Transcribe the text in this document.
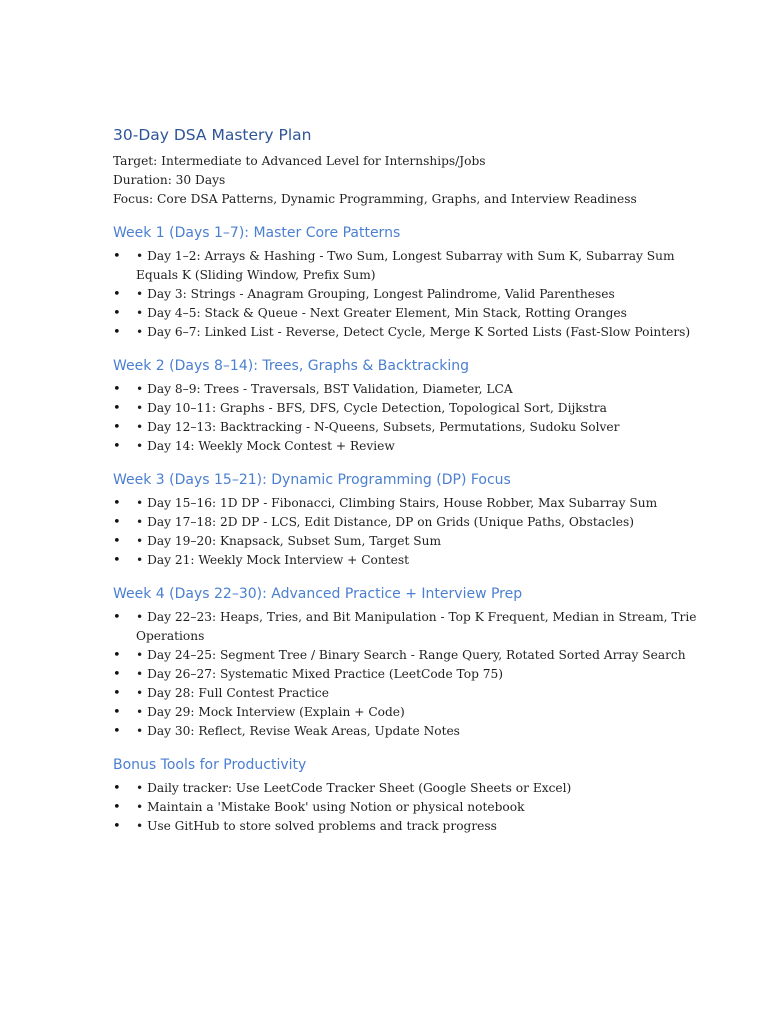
30-Day DSA Mastery Plan

Target: Intermediate to Advanced Level for Internships/Jobs

Duration: 30 Days

Focus: Core DSA Patterns, Dynamic Programming, Graphs, and Interview Readiness

Week 1 (Days 1–7): Master Core Patterns
• • Day 1–2: Arrays & Hashing - Two Sum, Longest Subarray with Sum K, Subarray Sum Equals K (Sliding Window, Prefix Sum)
• • Day 3: Strings - Anagram Grouping, Longest Palindrome, Valid Parentheses
• • Day 4–5: Stack & Queue - Next Greater Element, Min Stack, Rotting Oranges
• • Day 6–7: Linked List - Reverse, Detect Cycle, Merge K Sorted Lists (Fast-Slow Pointers)
Week 2 (Days 8–14): Trees, Graphs & Backtracking
• • Day 8–9: Trees - Traversals, BST Validation, Diameter, LCA
• • Day 10–11: Graphs - BFS, DFS, Cycle Detection, Topological Sort, Dijkstra
• • Day 12–13: Backtracking - N-Queens, Subsets, Permutations, Sudoku Solver
• • Day 14: Weekly Mock Contest + Review
Week 3 (Days 15–21): Dynamic Programming (DP) Focus
• • Day 15–16: 1D DP - Fibonacci, Climbing Stairs, House Robber, Max Subarray Sum
• • Day 17–18: 2D DP - LCS, Edit Distance, DP on Grids (Unique Paths, Obstacles)
• • Day 19–20: Knapsack, Subset Sum, Target Sum
• • Day 21: Weekly Mock Interview + Contest
Week 4 (Days 22–30): Advanced Practice + Interview Prep
• • Day 22–23: Heaps, Tries, and Bit Manipulation - Top K Frequent, Median in Stream, Trie Operations
• • Day 24–25: Segment Tree / Binary Search - Range Query, Rotated Sorted Array Search
• • Day 26–27: Systematic Mixed Practice (LeetCode Top 75)
• • Day 28: Full Contest Practice
• • Day 29: Mock Interview (Explain + Code)
• • Day 30: Reflect, Revise Weak Areas, Update Notes
Bonus Tools for Productivity
• • Daily tracker: Use LeetCode Tracker Sheet (Google Sheets or Excel)
• • Maintain a 'Mistake Book' using Notion or physical notebook
• • Use GitHub to store solved problems and track progress
